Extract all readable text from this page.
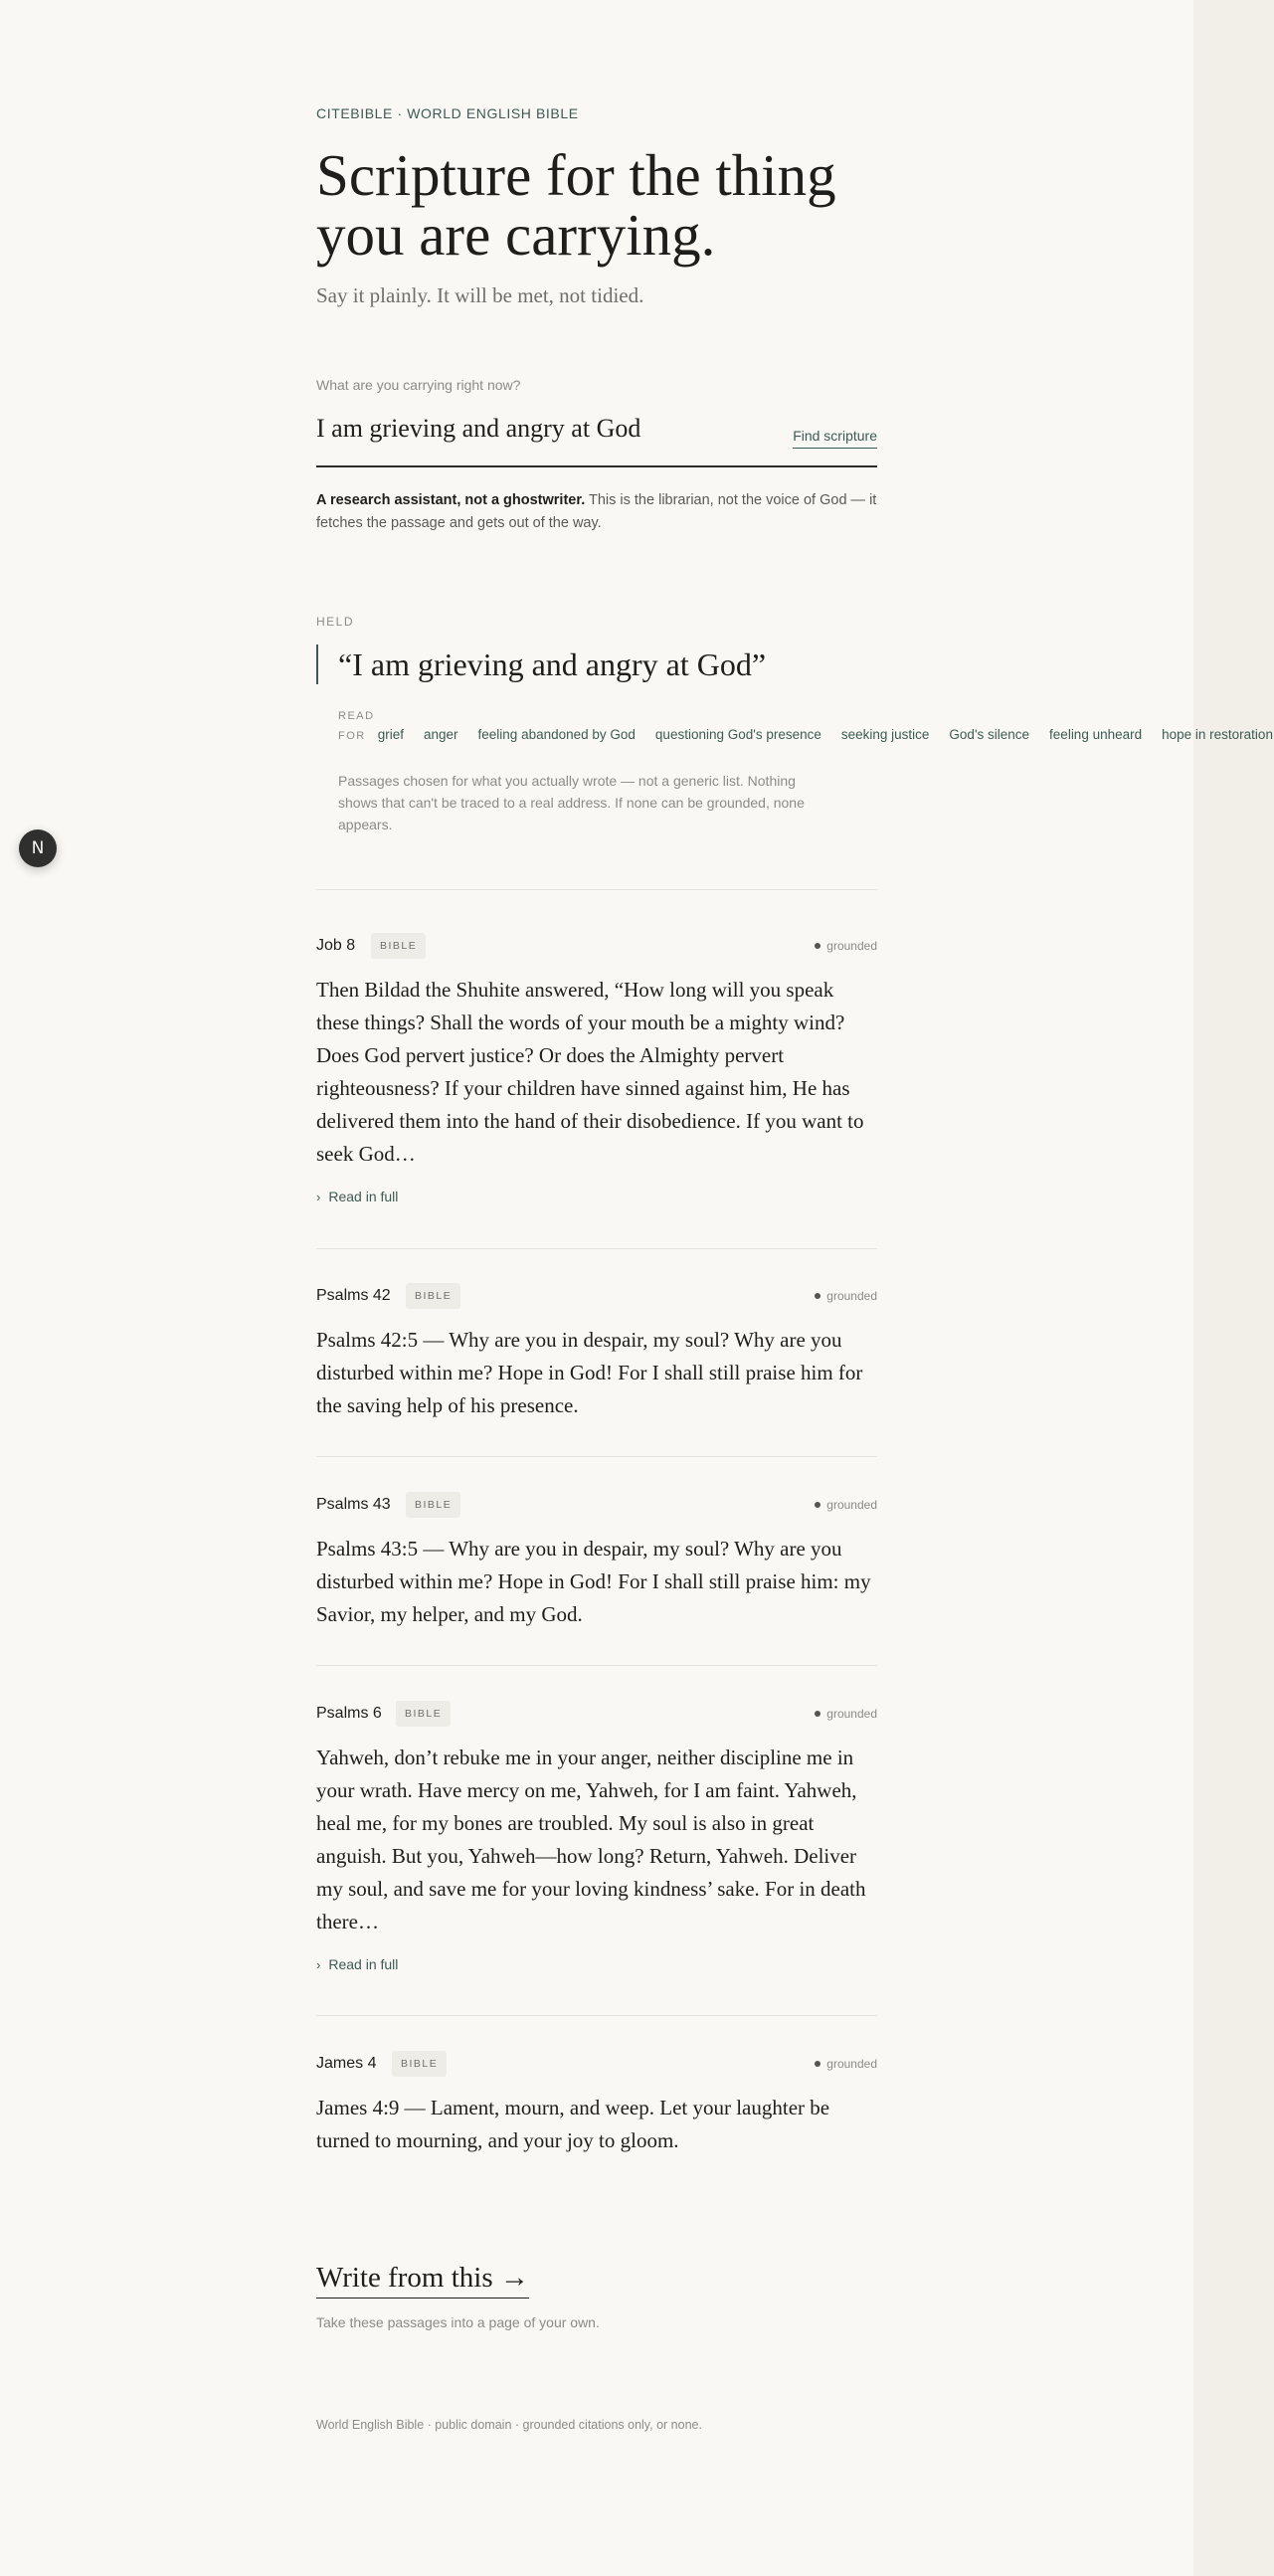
N
CITEBIBLE · WORLD ENGLISH BIBLE
Scripture for the thing you are carrying.
Say it plainly. It will be met, not tidied.
What are you carrying right now?
I am grieving and angry at God
Find scripture
A research assistant, not a ghostwriter. This is the librarian, not the voice of God — it fetches the passage and gets out of the way.
HELD
“I am grieving and angry at God”
READ
FOR grief anger feeling abandoned by God questioning God's presence seeking justice God's silence feeling unheard hope in restoration
Passages chosen for what you actually wrote — not a generic list. Nothing shows that can't be traced to a real address. If none can be grounded, none appears.
Job 8	BIBLE	grounded
Then Bildad the Shuhite answered, “How long will you speak these things? Shall the words of your mouth be a mighty wind? Does God pervert justice? Or does the Almighty pervert righteousness? If your children have sinned against him, He has delivered them into the hand of their disobedience. If you want to seek God…
› Read in full
Psalms 42	BIBLE	grounded
Psalms 42:5 — Why are you in despair, my soul? Why are you disturbed within me? Hope in God! For I shall still praise him for the saving help of his presence.
Psalms 43	BIBLE	grounded
Psalms 43:5 — Why are you in despair, my soul? Why are you disturbed within me? Hope in God! For I shall still praise him: my Savior, my helper, and my God.
Psalms 6	BIBLE	grounded
Yahweh, don’t rebuke me in your anger, neither discipline me in your wrath. Have mercy on me, Yahweh, for I am faint. Yahweh, heal me, for my bones are troubled. My soul is also in great anguish. But you, Yahweh—how long? Return, Yahweh. Deliver my soul, and save me for your loving kindness’ sake. For in death there…
› Read in full
James 4	BIBLE	grounded
James 4:9 — Lament, mourn, and weep. Let your laughter be turned to mourning, and your joy to gloom.
Write from this →
Take these passages into a page of your own.
World English Bible · public domain · grounded citations only, or none.
